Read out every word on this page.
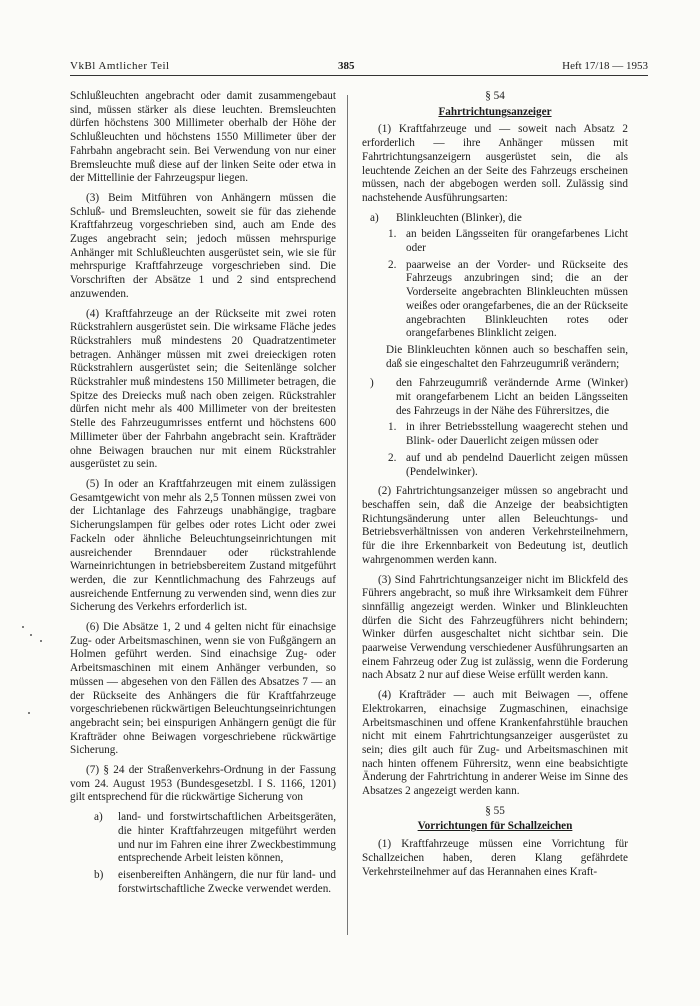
VkBl Amtlicher Teil	385	Heft 17/18 — 1953

Schlußleuchten angebracht oder damit zusammengebaut sind, müssen stärker als diese leuchten. Bremsleuchten dürfen höchstens 300 Millimeter oberhalb der Höhe der Schlußleuchten und höchstens 1550 Millimeter über der Fahrbahn angebracht sein. Bei Verwendung von nur einer Bremsleuchte muß diese auf der linken Seite oder etwa in der Mittellinie der Fahrzeugspur liegen.

(3) Beim Mitführen von Anhängern müssen die Schluß- und Bremsleuchten, soweit sie für das ziehende Kraftfahrzeug vorgeschrieben sind, auch am Ende des Zuges angebracht sein; jedoch müssen mehrspurige Anhänger mit Schlußleuchten ausgerüstet sein, wie sie für mehrspurige Kraftfahrzeuge vorgeschrieben sind. Die Vorschriften der Absätze 1 und 2 sind entsprechend anzuwenden.

(4) Kraftfahrzeuge an der Rückseite mit zwei roten Rückstrahlern ausgerüstet sein. Die wirksame Fläche jedes Rückstrahlers muß mindestens 20 Quadratzentimeter betragen. Anhänger müssen mit zwei dreieckigen roten Rückstrahlern ausgerüstet sein; die Seitenlänge solcher Rückstrahler muß mindestens 150 Millimeter betragen, die Spitze des Dreiecks muß nach oben zeigen. Rückstrahler dürfen nicht mehr als 400 Millimeter von der breitesten Stelle des Fahrzeugumrisses entfernt und höchstens 600 Millimeter über der Fahrbahn angebracht sein. Krafträder ohne Beiwagen brauchen nur mit einem Rückstrahler ausgerüstet zu sein.

(5) In oder an Kraftfahrzeugen mit einem zulässigen Gesamtgewicht von mehr als 2,5 Tonnen müssen zwei von der Lichtanlage des Fahrzeugs unabhängige, tragbare Sicherungslampen für gelbes oder rotes Licht oder zwei Fackeln oder ähnliche Beleuchtungseinrichtungen mit ausreichender Brenndauer oder rückstrahlende Warneinrichtungen in betriebsbereitem Zustand mitgeführt werden, die zur Kenntlichmachung des Fahrzeugs auf ausreichende Entfernung zu verwenden sind, wenn dies zur Sicherung des Verkehrs erforderlich ist.

(6) Die Absätze 1, 2 und 4 gelten nicht für einachsige Zug- oder Arbeitsmaschinen, wenn sie von Fußgängern an Holmen geführt werden. Sind einachsige Zug- oder Arbeitsmaschinen mit einem Anhänger verbunden, so müssen — abgesehen von den Fällen des Absatzes 7 — an der Rückseite des Anhängers die für Kraftfahrzeuge vorgeschriebenen rückwärtigen Beleuchtungseinrichtungen angebracht sein; bei einspurigen Anhängern genügt die für Krafträder ohne Beiwagen vorgeschriebene rückwärtige Sicherung.

(7) § 24 der Straßenverkehrs-Ordnung in der Fassung vom 24. August 1953 (Bundesgesetzbl. I S. 1166, 1201) gilt entsprechend für die rückwärtige Sicherung von

a)	land- und forstwirtschaftlichen Arbeitsgeräten, die hinter Kraftfahrzeugen mitgeführt werden und nur im Fahren eine ihrer Zweckbestimmung entsprechende Arbeit leisten können,
b)	eisenbereiften Anhängern, die nur für land- und forstwirtschaftliche Zwecke verwendet werden.

§ 54

Fahrtrichtungsanzeiger

(1) Kraftfahrzeuge und — soweit nach Absatz 2 erforderlich — ihre Anhänger müssen mit Fahrtrichtungsanzeigern ausgerüstet sein, die als leuchtende Zeichen an der Seite des Fahrzeugs erscheinen müssen, nach der abgebogen werden soll. Zulässig sind nachstehende Ausführungsarten:

a)	Blinkleuchten (Blinker), die
1. an beiden Längsseiten für orangefarbenes Licht oder
2. paarweise an der Vorder- und Rückseite des Fahrzeugs anzubringen sind; die an der Vorderseite angebrachten Blinkleuchten müssen weißes oder orangefarbenes, die an der Rückseite angebrachten Blinkleuchten rotes oder orangefarbenes Blinklicht zeigen.

Die Blinkleuchten können auch so beschaffen sein, daß sie eingeschaltet den Fahrzeugumriß verändern;

)	den Fahrzeugumriß verändernde Arme (Winker) mit orangefarbenem Licht an beiden Längsseiten des Fahrzeugs in der Nähe des Führersitzes, die
1. in ihrer Betriebsstellung waagerecht stehen und Blink- oder Dauerlicht zeigen müssen oder
2. auf und ab pendelnd Dauerlicht zeigen müssen (Pendelwinker).

(2) Fahrtrichtungsanzeiger müssen so angebracht und beschaffen sein, daß die Anzeige der beabsichtigten Richtungsänderung unter allen Beleuchtungs- und Betriebsverhältnissen von anderen Verkehrsteilnehmern, für die ihre Erkennbarkeit von Bedeutung ist, deutlich wahrgenommen werden kann.

(3) Sind Fahrtrichtungsanzeiger nicht im Blickfeld des Führers angebracht, so muß ihre Wirksamkeit dem Führer sinnfällig angezeigt werden. Winker und Blinkleuchten dürfen die Sicht des Fahrzeugführers nicht behindern; Winker dürfen ausgeschaltet nicht sichtbar sein. Die paarweise Verwendung verschiedener Ausführungsarten an einem Fahrzeug oder Zug ist zulässig, wenn die Forderung nach Absatz 2 nur auf diese Weise erfüllt werden kann.

(4) Krafträder — auch mit Beiwagen —, offene Elektrokarren, einachsige Zugmaschinen, einachsige Arbeitsmaschinen und offene Krankenfahrstühle brauchen nicht mit einem Fahrtrichtungsanzeiger ausgerüstet zu sein; dies gilt auch für Zug- und Arbeitsmaschinen mit nach hinten offenem Führersitz, wenn eine beabsichtigte Änderung der Fahrtrichtung in anderer Weise im Sinne des Absatzes 2 angezeigt werden kann.

§ 55

Vorrichtungen für Schallzeichen

(1) Kraftfahrzeuge müssen eine Vorrichtung für Schallzeichen haben, deren Klang gefährdete Verkehrsteilnehmer auf das Herannahen eines Kraft-
